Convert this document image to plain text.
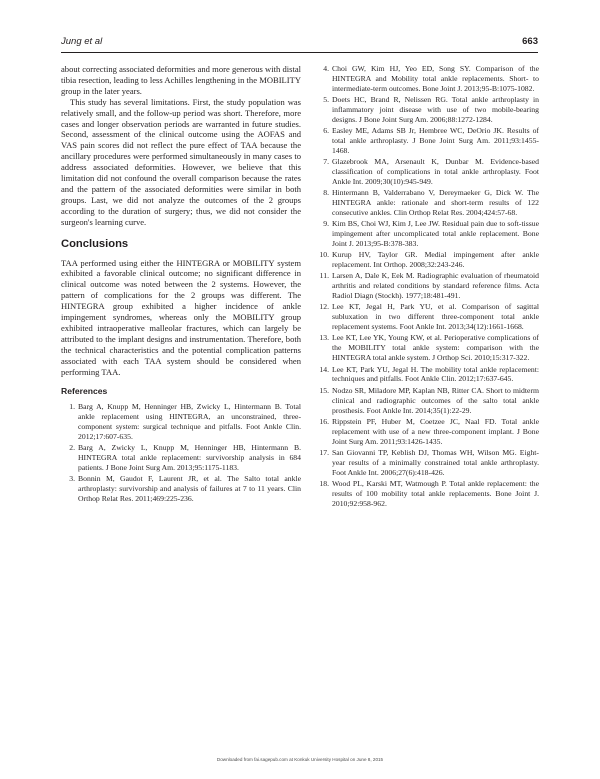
Jung et al	663

about correcting associated deformities and more generous with distal tibia resection, leading to less Achilles lengthening in the MOBILITY group in the later years.

This study has several limitations. First, the study population was relatively small, and the follow-up period was short. Therefore, more cases and longer observation periods are warranted in future studies. Second, assessment of the clinical outcome using the AOFAS and VAS pain scores did not reflect the pure effect of TAA because the ancillary procedures were performed simultaneously in many cases to address associated deformities. However, we believe that this limitation did not confound the overall comparison because the rates and the pattern of the associated deformities were similar in both groups. Last, we did not analyze the outcomes of the 2 groups according to the duration of surgery; thus, we did not consider the surgeon's learning curve.

Conclusions

TAA performed using either the HINTEGRA or MOBILITY system exhibited a favorable clinical outcome; no significant difference in clinical outcome was noted between the 2 systems. However, the pattern of complications for the 2 groups was different. The HINTEGRA group exhibited a higher incidence of ankle impingement syndromes, whereas only the MOBILITY group exhibited intraoperative malleolar fractures, which can largely be attributed to the implant designs and instrumentation. Therefore, both the technical characteristics and the potential complication patterns associated with each TAA system should be considered when performing TAA.

References
1. Barg A, Knupp M, Henninger HB, Zwicky L, Hintermann B. Total ankle replacement using HINTEGRA, an unconstrained, three-component system: surgical technique and pitfalls. Foot Ankle Clin. 2012;17:607-635.
2. Barg A, Zwicky L, Knupp M, Henninger HB, Hintermann B. HINTEGRA total ankle replacement: survivorship analysis in 684 patients. J Bone Joint Surg Am. 2013;95:1175-1183.
3. Bonnin M, Gaudot F, Laurent JR, et al. The Salto total ankle arthroplasty: survivorship and analysis of failures at 7 to 11 years. Clin Orthop Relat Res. 2011;469:225-236.
4. Choi GW, Kim HJ, Yeo ED, Song SY. Comparison of the HINTEGRA and Mobility total ankle replacements. Short- to intermediate-term outcomes. Bone Joint J. 2013;95-B:1075-1082.
5. Doets HC, Brand R, Nelissen RG. Total ankle arthroplasty in inflammatory joint disease with use of two mobile-bearing designs. J Bone Joint Surg Am. 2006;88:1272-1284.
6. Easley ME, Adams SB Jr, Hembree WC, DeOrio JK. Results of total ankle arthroplasty. J Bone Joint Surg Am. 2011;93:1455-1468.
7. Glazebrook MA, Arsenault K, Dunbar M. Evidence-based classification of complications in total ankle arthroplasty. Foot Ankle Int. 2009;30(10):945-949.
8. Hintermann B, Valderrabano V, Dereymaeker G, Dick W. The HINTEGRA ankle: rationale and short-term results of 122 consecutive ankles. Clin Orthop Relat Res. 2004;424:57-68.
9. Kim BS, Choi WJ, Kim J, Lee JW. Residual pain due to soft-tissue impingement after uncomplicated total ankle replacement. Bone Joint J. 2013;95-B:378-383.
10. Kurup HV, Taylor GR. Medial impingement after ankle replacement. Int Orthop. 2008;32:243-246.
11. Larsen A, Dale K, Eek M. Radiographic evaluation of rheumatoid arthritis and related conditions by standard reference films. Acta Radiol Diagn (Stockh). 1977;18:481-491.
12. Lee KT, Jegal H, Park YU, et al. Comparison of sagittal subluxation in two different three-component total ankle replacement systems. Foot Ankle Int. 2013;34(12):1661-1668.
13. Lee KT, Lee YK, Young KW, et al. Perioperative complications of the MOBILITY total ankle system: comparison with the HINTEGRA total ankle system. J Orthop Sci. 2010;15:317-322.
14. Lee KT, Park YU, Jegal H. The mobility total ankle replacement: techniques and pitfalls. Foot Ankle Clin. 2012;17:637-645.
15. Nodzo SR, Miladore MP, Kaplan NB, Ritter CA. Short to midterm clinical and radiographic outcomes of the salto total ankle prosthesis. Foot Ankle Int. 2014;35(1):22-29.
16. Rippstein PF, Huber M, Coetzee JC, Naal FD. Total ankle replacement with use of a new three-component implant. J Bone Joint Surg Am. 2011;93:1426-1435.
17. San Giovanni TP, Keblish DJ, Thomas WH, Wilson MG. Eight-year results of a minimally constrained total ankle arthroplasty. Foot Ankle Int. 2006;27(6):418-426.
18. Wood PL, Karski MT, Watmough P. Total ankle replacement: the results of 100 mobility total ankle replacements. Bone Joint J. 2010;92:958-962.
Downloaded from fai.sagepub.com at Konkuk University Hospital on June 8, 2015
